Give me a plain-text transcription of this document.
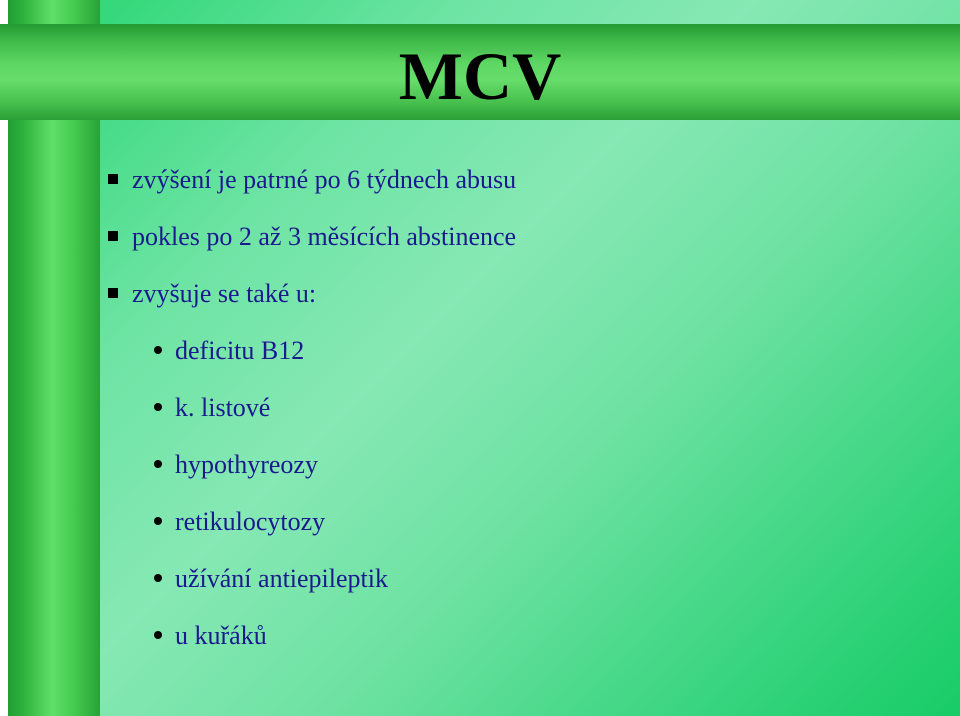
MCV
zvýšení je patrné po 6 týdnech abusu
pokles po 2 až 3 měsících abstinence
zvyšuje se také u:
deficitu B12
k. listové
hypothyreozy
retikulocytozy
užívání antiepileptik
u kuřáků
